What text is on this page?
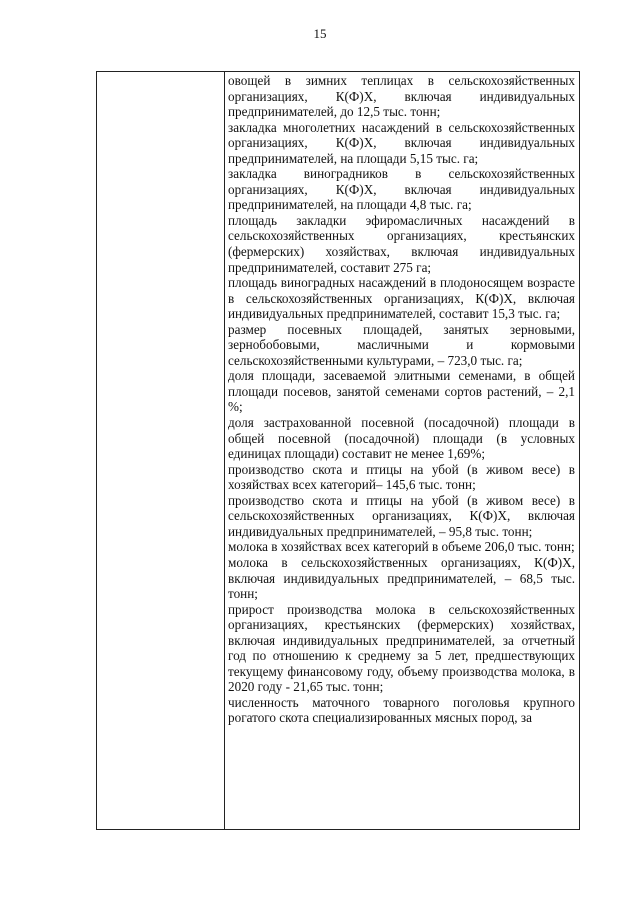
15

овощей в зимних теплицах в сельскохозяйственных организациях, К(Ф)Х, включая индивидуальных предпринимателей, до 12,5 тыс. тонн;

закладка многолетних насаждений в сельскохозяйственных организациях, К(Ф)Х, включая индивидуальных предпринимателей, на площади 5,15 тыс. га;

закладка виноградников в сельскохозяйственных организациях, К(Ф)Х, включая индивидуальных предпринимателей, на площади 4,8 тыс. га;

площадь закладки эфиромасличных насаждений в сельскохозяйственных организациях, крестьянских (фермерских) хозяйствах, включая индивидуальных предпринимателей, составит 275 га;

площадь виноградных насаждений в плодоносящем возрасте в сельскохозяйственных организациях, К(Ф)Х, включая индивидуальных предпринимателей, составит 15,3 тыс. га;

размер посевных площадей, занятых зерновыми, зернобобовыми, масличными и кормовыми сельскохозяйственными культурами, – 723,0 тыс. га;

доля площади, засеваемой элитными семенами, в общей площади посевов, занятой семенами сортов растений, – 2,1 %;

доля застрахованной посевной (посадочной) площади в общей посевной (посадочной) площади (в условных единицах площади) составит не менее 1,69%;

производство скота и птицы на убой (в живом весе) в хозяйствах всех категорий– 145,6 тыс. тонн;

производство скота и птицы на убой (в живом весе) в сельскохозяйственных организациях, К(Ф)Х, включая индивидуальных предпринимателей, – 95,8 тыс. тонн;

молока в хозяйствах всех категорий в объеме 206,0 тыс. тонн;

молока в сельскохозяйственных организациях, К(Ф)Х, включая индивидуальных предпринимателей, – 68,5 тыс. тонн;

прирост производства молока в сельскохозяйственных организациях, крестьянских (фермерских) хозяйствах, включая индивидуальных предпринимателей, за отчетный год по отношению к среднему за 5 лет, предшествующих текущему финансовому году, объему производства молока, в 2020 году - 21,65 тыс. тонн;

численность маточного товарного поголовья крупного рогатого скота специализированных мясных пород, за
